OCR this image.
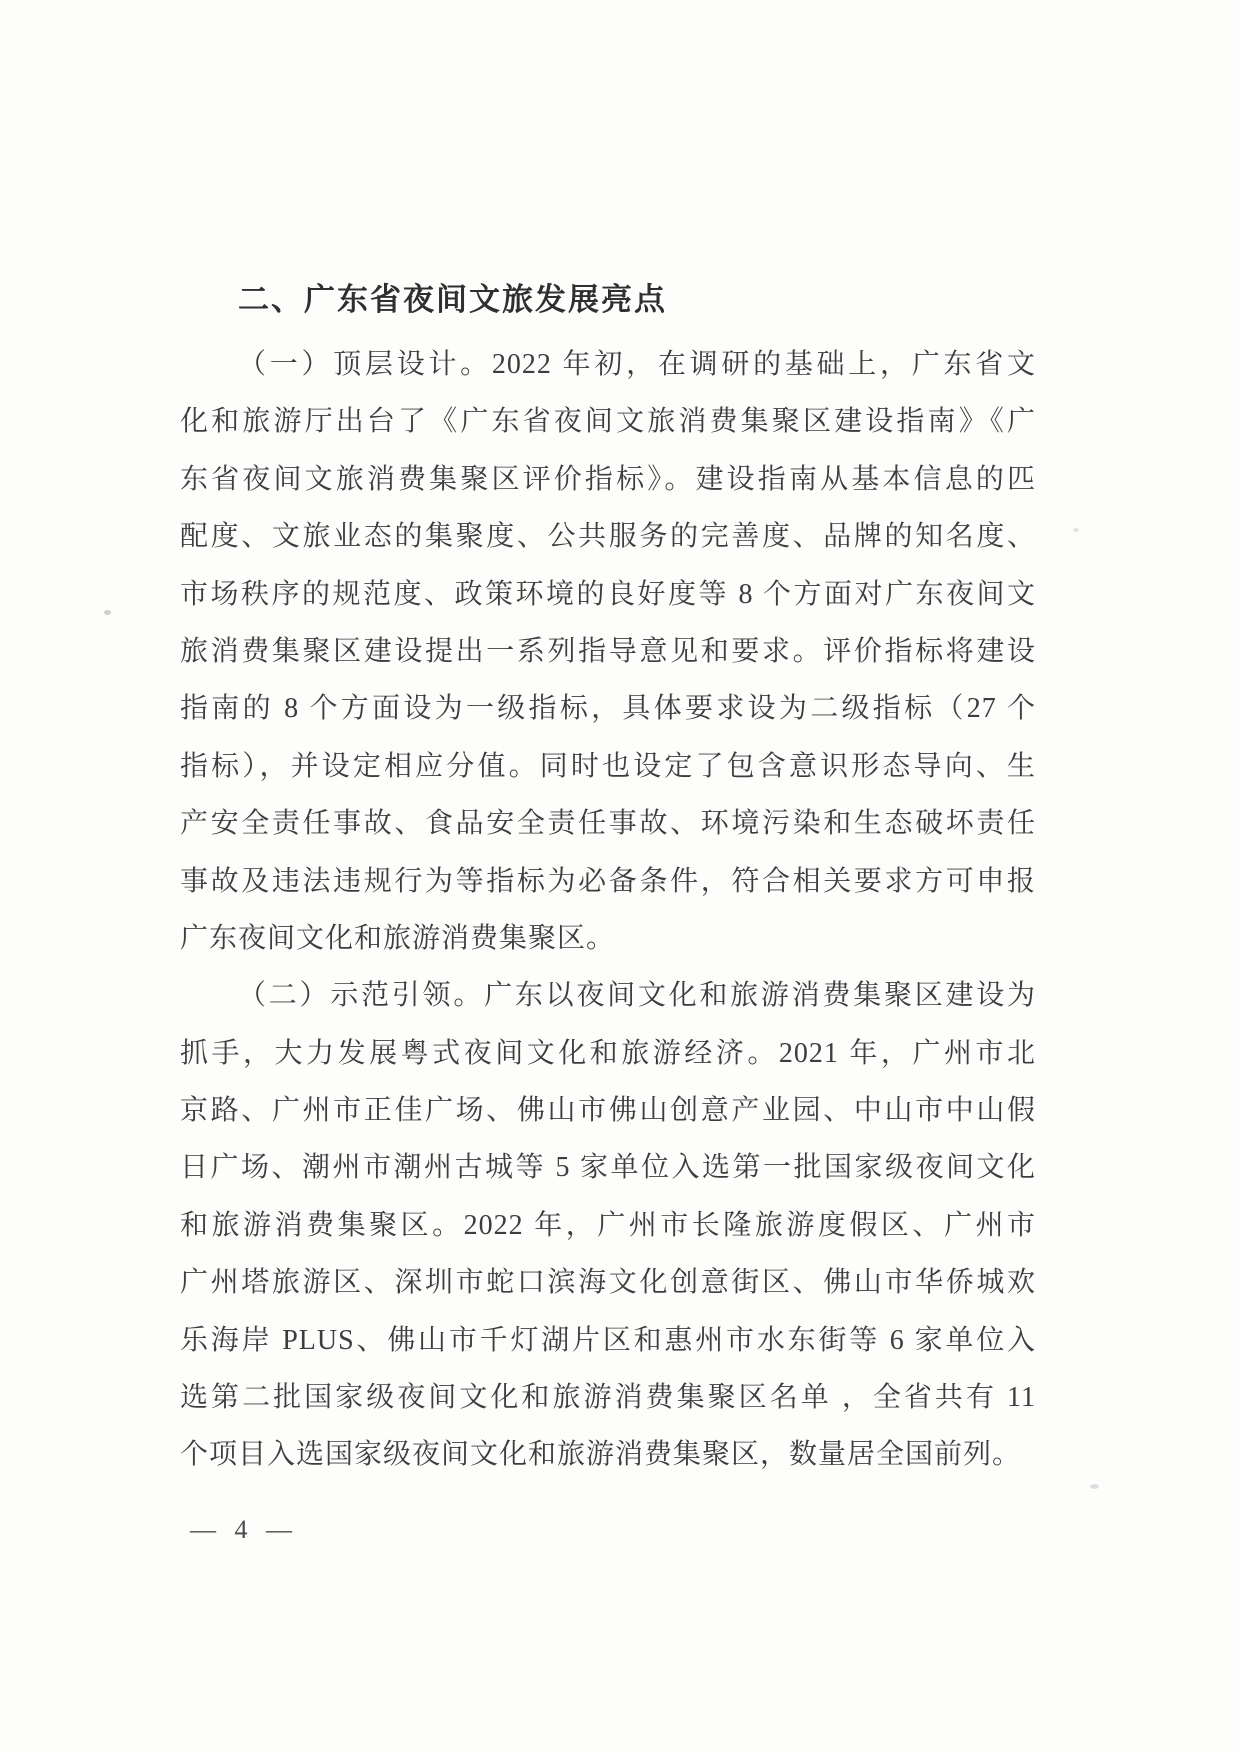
二、广东省夜间文旅发展亮点
（一）顶层设计。2022 年初，在调研的基础上，广东省文
化和旅游厅出台了《广东省夜间文旅消费集聚区建设指南》《广
东省夜间文旅消费集聚区评价指标》。建设指南从基本信息的匹
配度、文旅业态的集聚度、公共服务的完善度、品牌的知名度、
市场秩序的规范度、政策环境的良好度等 8 个方面对广东夜间文
旅消费集聚区建设提出一系列指导意见和要求。评价指标将建设
指南的 8 个方面设为一级指标，具体要求设为二级指标（27 个
指标），并设定相应分值。同时也设定了包含意识形态导向、生
产安全责任事故、食品安全责任事故、环境污染和生态破坏责任
事故及违法违规行为等指标为必备条件，符合相关要求方可申报
广东夜间文化和旅游消费集聚区。
（二）示范引领。广东以夜间文化和旅游消费集聚区建设为
抓手，大力发展粤式夜间文化和旅游经济。2021 年，广州市北
京路、广州市正佳广场、佛山市佛山创意产业园、中山市中山假
日广场、潮州市潮州古城等 5 家单位入选第一批国家级夜间文化
和旅游消费集聚区。2022 年，广州市长隆旅游度假区、广州市
广州塔旅游区、深圳市蛇口滨海文化创意街区、佛山市华侨城欢
乐海岸 PLUS、佛山市千灯湖片区和惠州市水东街等 6 家单位入
选第二批国家级夜间文化和旅游消费集聚区名单 ，全省共有 11
个项目入选国家级夜间文化和旅游消费集聚区，数量居全国前列。
— 4 —
